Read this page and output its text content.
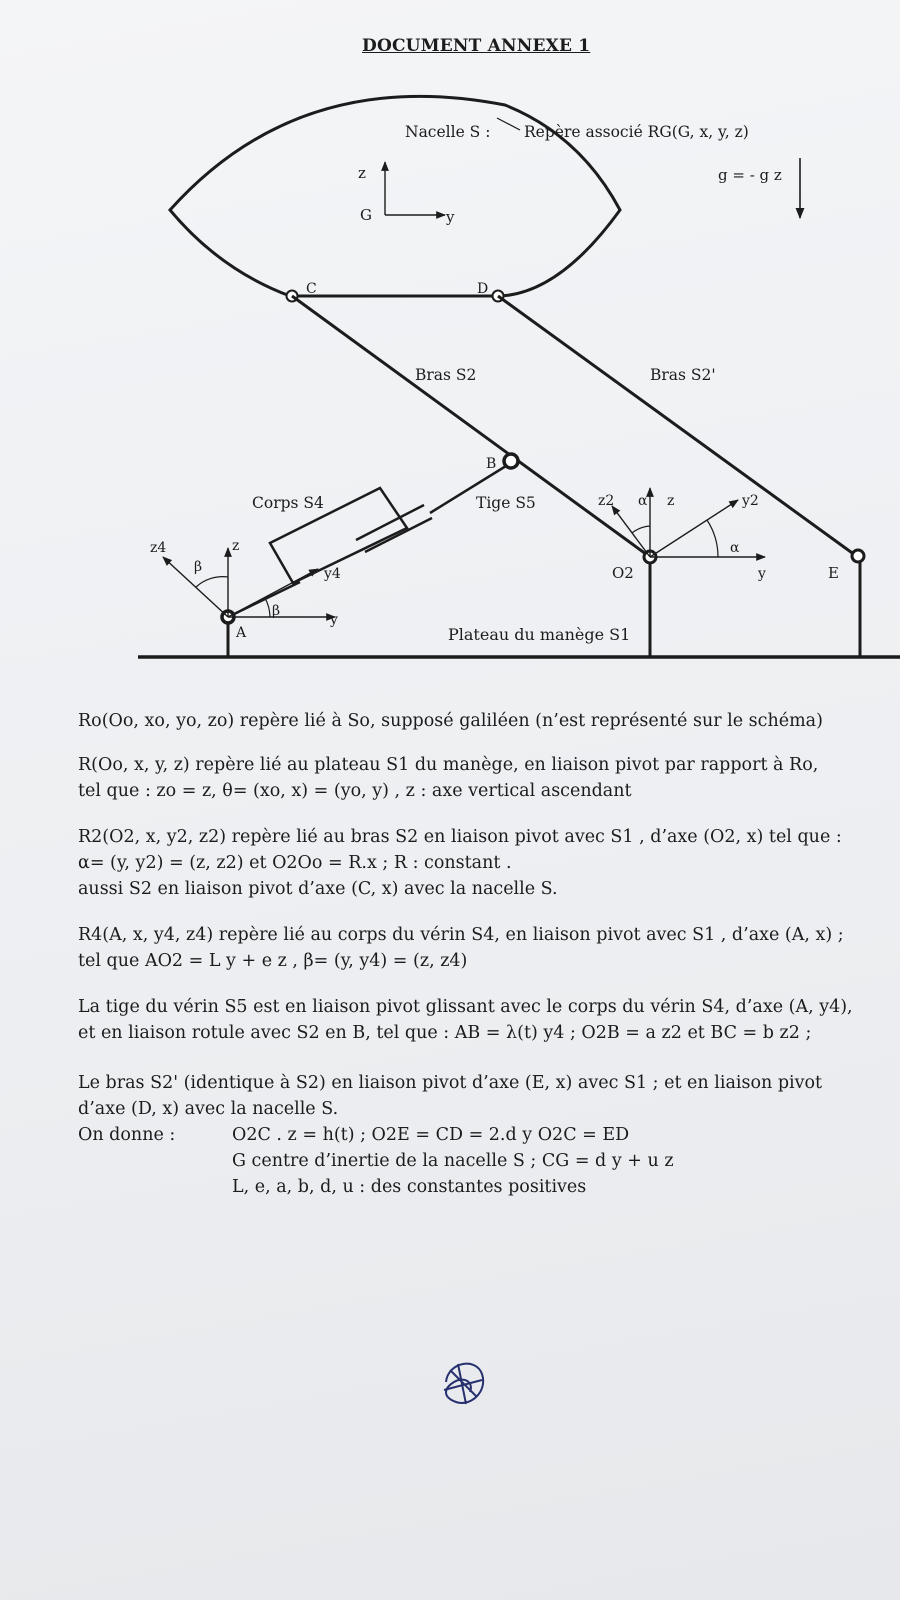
DOCUMENT ANNEXE 1
z
y
G
Nacelle S : Repère associé RG(G, x, y, z)
g = - g z
C	D
Bras S2	Bras S2'
Plateau du manège S1
E
O2
B
Corps S4	Tige S5
A
z
y
y4
z4
β
β
z
y
y2
z2 α
α
Ro(Oo, xo, yo, zo) repère lié à So, supposé galiléen (n’est représenté sur le schéma)
R(Oo, x, y, z) repère lié au plateau S1 du manège, en liaison pivot par rapport à Ro,
tel que : zo = z, θ= (xo, x) = (yo, y) , z : axe vertical ascendant
R2(O2, x, y2, z2) repère lié au bras S2 en liaison pivot avec S1 , d’axe (O2, x) tel que :
α= (y, y2) = (z, z2) et O2Oo = R.x ; R : constant .
aussi S2 en liaison pivot d’axe (C, x) avec la nacelle S.
R4(A, x, y4, z4) repère lié au corps du vérin S4, en liaison pivot avec S1 , d’axe (A, x) ;
tel que AO2 = L y + e z , β= (y, y4) = (z, z4)
La tige du vérin S5 est en liaison pivot glissant avec le corps du vérin S4, d’axe (A, y4),
et en liaison rotule avec S2 en B, tel que : AB = λ(t) y4 ; O2B = a z2 et BC = b z2 ;
Le bras S2' (identique à S2) en liaison pivot d’axe (E, x) avec S1 ; et en liaison pivot
d’axe (D, x) avec la nacelle S.
On donne :	O2C . z = h(t) ; O2E = CD = 2.d y O2C = ED
G centre d’inertie de la nacelle S ; CG = d y + u z
L, e, a, b, d, u : des constantes positives
